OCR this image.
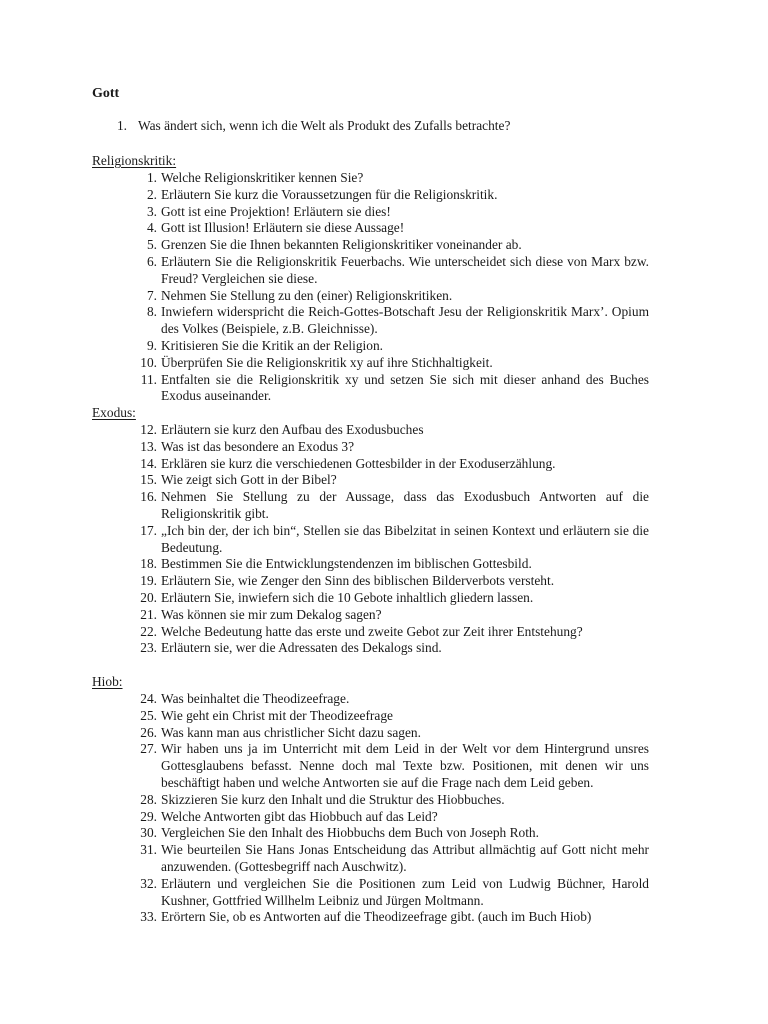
Gott
1. Was ändert sich, wenn ich die Welt als Produkt des Zufalls betrachte?
Religionskritik:
1. Welche Religionskritiker kennen Sie?
2. Erläutern Sie kurz die Voraussetzungen für die Religionskritik.
3. Gott ist eine Projektion! Erläutern sie dies!
4. Gott ist Illusion! Erläutern sie diese Aussage!
5. Grenzen Sie die Ihnen bekannten Religionskritiker voneinander ab.
6. Erläutern Sie die Religionskritik Feuerbachs. Wie unterscheidet sich diese von Marx bzw. Freud? Vergleichen sie diese.
7. Nehmen Sie Stellung zu den (einer) Religionskritiken.
8. Inwiefern widerspricht die Reich-Gottes-Botschaft Jesu der Religionskritik Marx’. Opium des Volkes (Beispiele, z.B. Gleichnisse).
9. Kritisieren Sie die Kritik an der Religion.
10. Überprüfen Sie die Religionskritik xy auf ihre Stichhaltigkeit.
11. Entfalten sie die Religionskritik xy und setzen Sie sich mit dieser anhand des Buches Exodus auseinander.
Exodus:
12. Erläutern sie kurz den Aufbau des Exodusbuches
13. Was ist das besondere an Exodus 3?
14. Erklären sie kurz die verschiedenen Gottesbilder in der Exoduserzählung.
15. Wie zeigt sich Gott in der Bibel?
16. Nehmen Sie Stellung zu der Aussage, dass das Exodusbuch Antworten auf die Religionskritik gibt.
17. „Ich bin der, der ich bin“, Stellen sie das Bibelzitat in seinen Kontext und erläutern sie die Bedeutung.
18. Bestimmen Sie die Entwicklungstendenzen im biblischen Gottesbild.
19. Erläutern Sie, wie Zenger den Sinn des biblischen Bilderverbots versteht.
20. Erläutern Sie, inwiefern sich die 10 Gebote inhaltlich gliedern lassen.
21. Was können sie mir zum Dekalog sagen?
22. Welche Bedeutung hatte das erste und zweite Gebot zur Zeit ihrer Entstehung?
23. Erläutern sie, wer die Adressaten des Dekalogs sind.
Hiob:
24. Was beinhaltet die Theodizeefrage.
25. Wie geht ein Christ mit der Theodizeefrage
26. Was kann man aus christlicher Sicht dazu sagen.
27. Wir haben uns ja im Unterricht mit dem Leid in der Welt vor dem Hintergrund unsres Gottesglaubens befasst. Nenne doch mal Texte bzw. Positionen, mit denen wir uns beschäftigt haben und welche Antworten sie auf die Frage nach dem Leid geben.
28. Skizzieren Sie kurz den Inhalt und die Struktur des Hiobbuches.
29. Welche Antworten gibt das Hiobbuch auf das Leid?
30. Vergleichen Sie den Inhalt des Hiobbuchs dem Buch von Joseph Roth.
31. Wie beurteilen Sie Hans Jonas Entscheidung das Attribut allmächtig auf Gott nicht mehr anzuwenden. (Gottesbegriff nach Auschwitz).
32. Erläutern und vergleichen Sie die Positionen zum Leid von Ludwig Büchner, Harold Kushner, Gottfried Willhelm Leibniz und Jürgen Moltmann.
33. Erörtern Sie, ob es Antworten auf die Theodizeefrage gibt. (auch im Buch Hiob)
